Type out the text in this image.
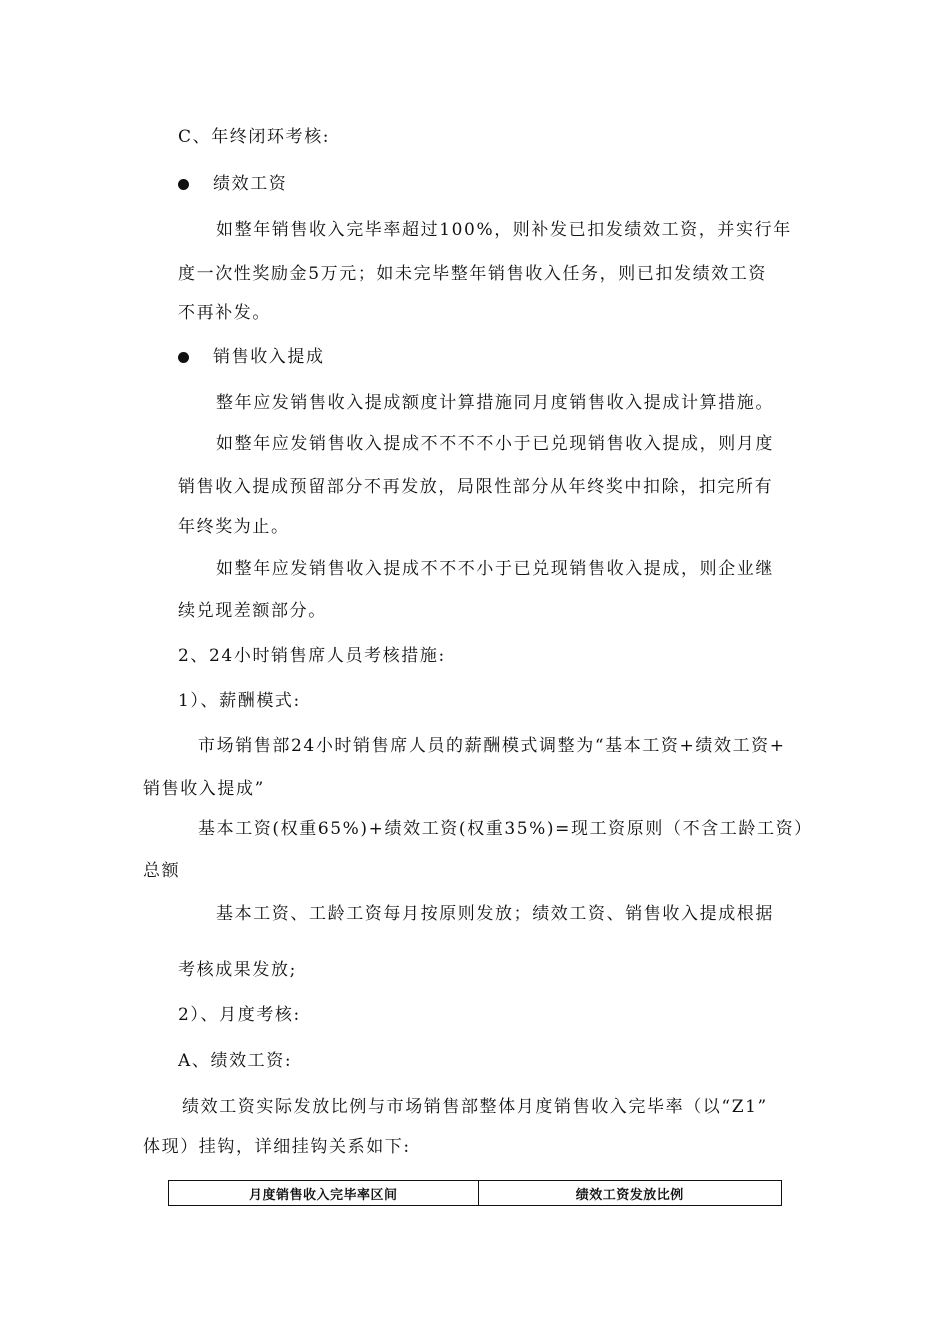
C、年终闭环考核:
绩效工资
如整年销售收入完毕率超过100%，则补发已扣发绩效工资，并实行年
度一次性奖励金5万元；如未完毕整年销售收入任务，则已扣发绩效工资
不再补发。
销售收入提成
整年应发销售收入提成额度计算措施同月度销售收入提成计算措施。
如整年应发销售收入提成不不不不小于已兑现销售收入提成，则月度
销售收入提成预留部分不再发放，局限性部分从年终奖中扣除，扣完所有
年终奖为止。
如整年应发销售收入提成不不不小于已兑现销售收入提成，则企业继
续兑现差额部分。
2、24小时销售席人员考核措施:
1）、薪酬模式:
市场销售部24小时销售席人员的薪酬模式调整为“基本工资+绩效工资+
销售收入提成”
基本工资(权重65%)+绩效工资(权重35%)=现工资原则（不含工龄工资）
总额
基本工资、工龄工资每月按原则发放；绩效工资、销售收入提成根据
考核成果发放;
2）、月度考核:
A、绩效工资:
绩效工资实际发放比例与市场销售部整体月度销售收入完毕率（以“Z1”
体现）挂钩，详细挂钩关系如下:
月度销售收入完毕率区间	绩效工资发放比例
